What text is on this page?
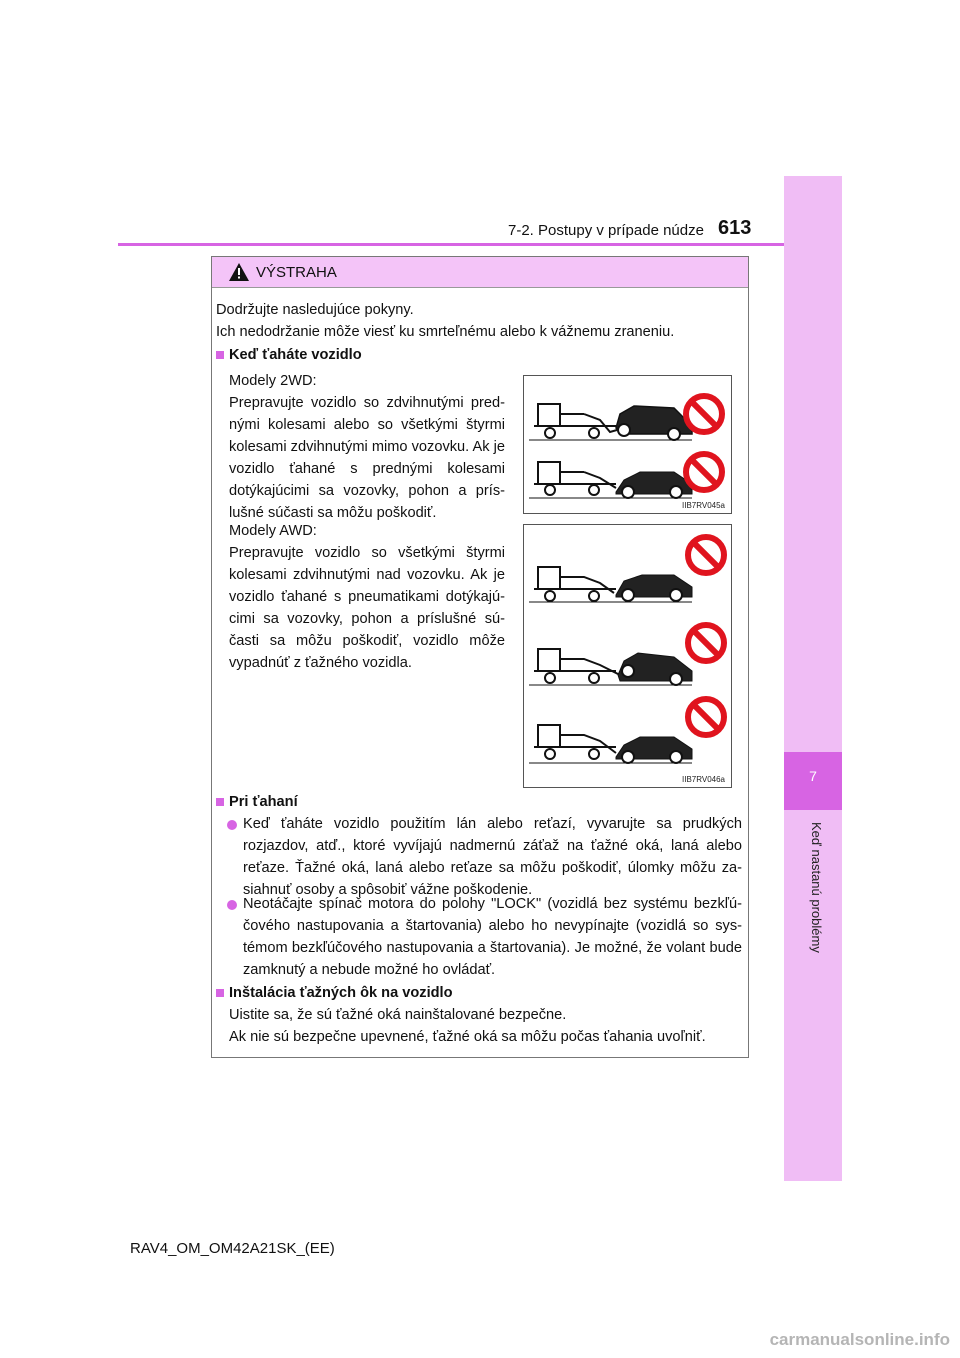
7
Keď nastanú problémy
7-2. Postupy v prípade núdze 613
VÝSTRAHA
Dodržujte nasledujúce pokyny.
Ich nedodržanie môže viesť ku smrteľnému alebo k vážnemu zraneniu.
Keď ťaháte vozidlo
Modely 2WD:
Prepravujte vozidlo so zdvihnutými pred-nými kolesami alebo so všetkými štyrmi kolesami zdvihnutými mimo vozovku. Ak je vozidlo ťahané s prednými kolesami dotýkajúcimi sa vozovky, pohon a prís-lušné súčasti sa môžu poškodiť.
Modely AWD:
Prepravujte vozidlo so všetkými štyrmi kolesami zdvihnutými nad vozovku. Ak je vozidlo ťahané s pneumatikami dotýkajú-cimi sa vozovky, pohon a príslušné sú-časti sa môžu poškodiť, vozidlo môže vypadnúť z ťažného vozidla.
IIB7RV045a
IIB7RV046a
Pri ťahaní
Keď ťaháte vozidlo použitím lán alebo reťazí, vyvarujte sa prudkých rozjazdov, atď., ktoré vyvíjajú nadmernú záťaž na ťažné oká, laná alebo reťaze. Ťažné oká, laná alebo reťaze sa môžu poškodiť, úlomky môžu za-siahnuť osoby a spôsobiť vážne poškodenie.
Neotáčajte spínač motora do polohy "LOCK" (vozidlá bez systému bezkľú-čového nastupovania a štartovania) alebo ho nevypínajte (vozidlá so sys-témom bezkľúčového nastupovania a štartovania). Je možné, že volant bude zamknutý a nebude možné ho ovládať.
Inštalácia ťažných ôk na vozidlo
Uistite sa, že sú ťažné oká nainštalované bezpečne.
Ak nie sú bezpečne upevnené, ťažné oká sa môžu počas ťahania uvoľniť.
RAV4_OM_OM42A21SK_(EE)
carmanualsonline.info
